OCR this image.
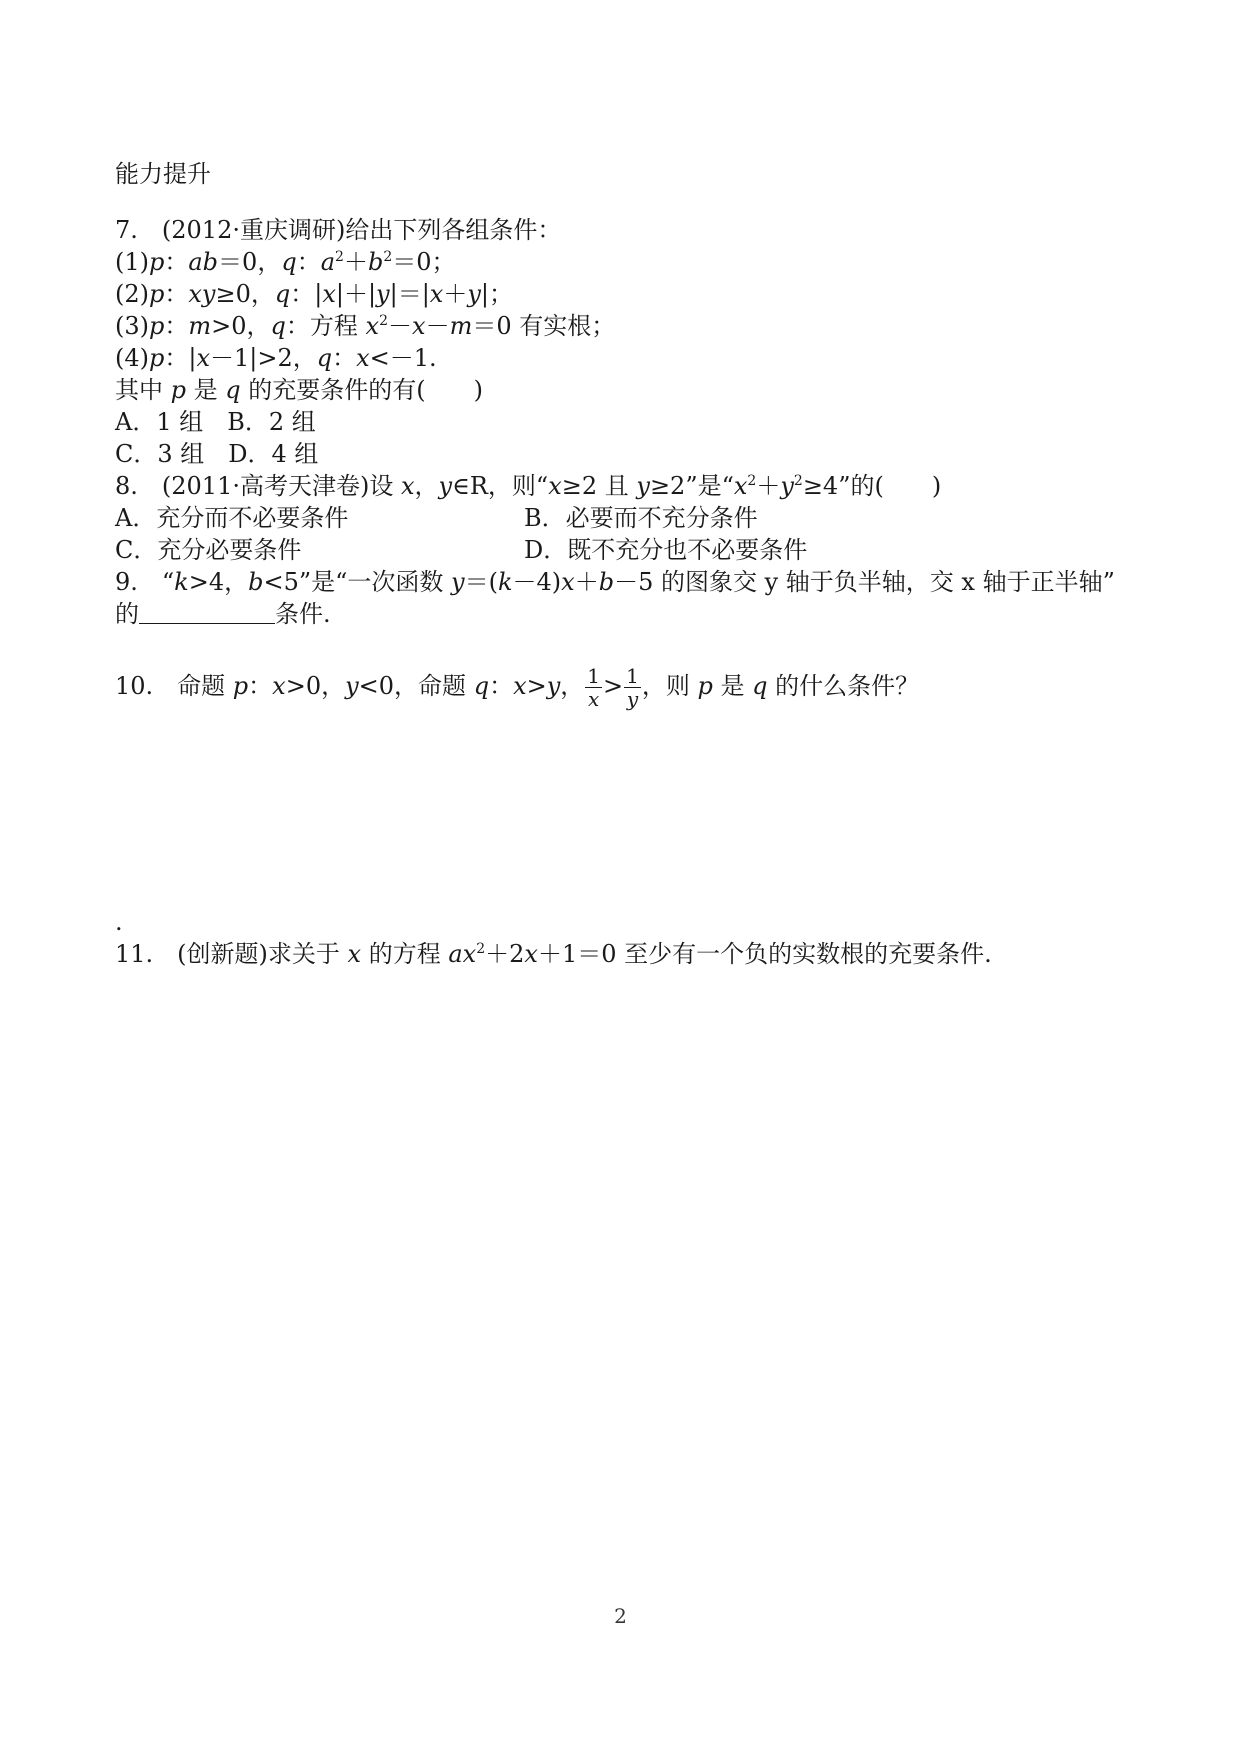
能力提升
7.　(2012·重庆调研)给出下列各组条件：
(1)p：ab＝0，q：$a^2+b^2=0$；
(2)p：xy≥0，q：|x|＋|y|＝|x＋y|；
(3)p：m>0，q：方程 $x^2-x-m=0$ 有实根；
(4)p：|x－1|>2，q：x<－1.
其中 p 是 q 的充要条件的有(　　)
A．1 组　B．2 组
C．3 组　D．4 组
8.　(2011·高考天津卷)设 x，y∈R，则“x≥2 且 y≥2”是“$x^2+y^2\ge 4$”的(　　)
A．充分而不必要条件	B．必要而不充分条件
C．充分必要条件	D．既不充分也不必要条件
9.　“k>4，b<5”是“一次函数 y＝(k－4)x＋b－5 的图象交 y 轴于负半轴，交 x 轴于正半轴”
的	条件.
10.　命题 p：x>0，y<0，命题 q：x>y， $\frac{1}{x} > \frac{1}{y}$ ，则 p 是 q 的什么条件？
.
11.　(创新题)求关于 x 的方程 $ax^2+2x+1=0$ 至少有一个负的实数根的充要条件.
2
